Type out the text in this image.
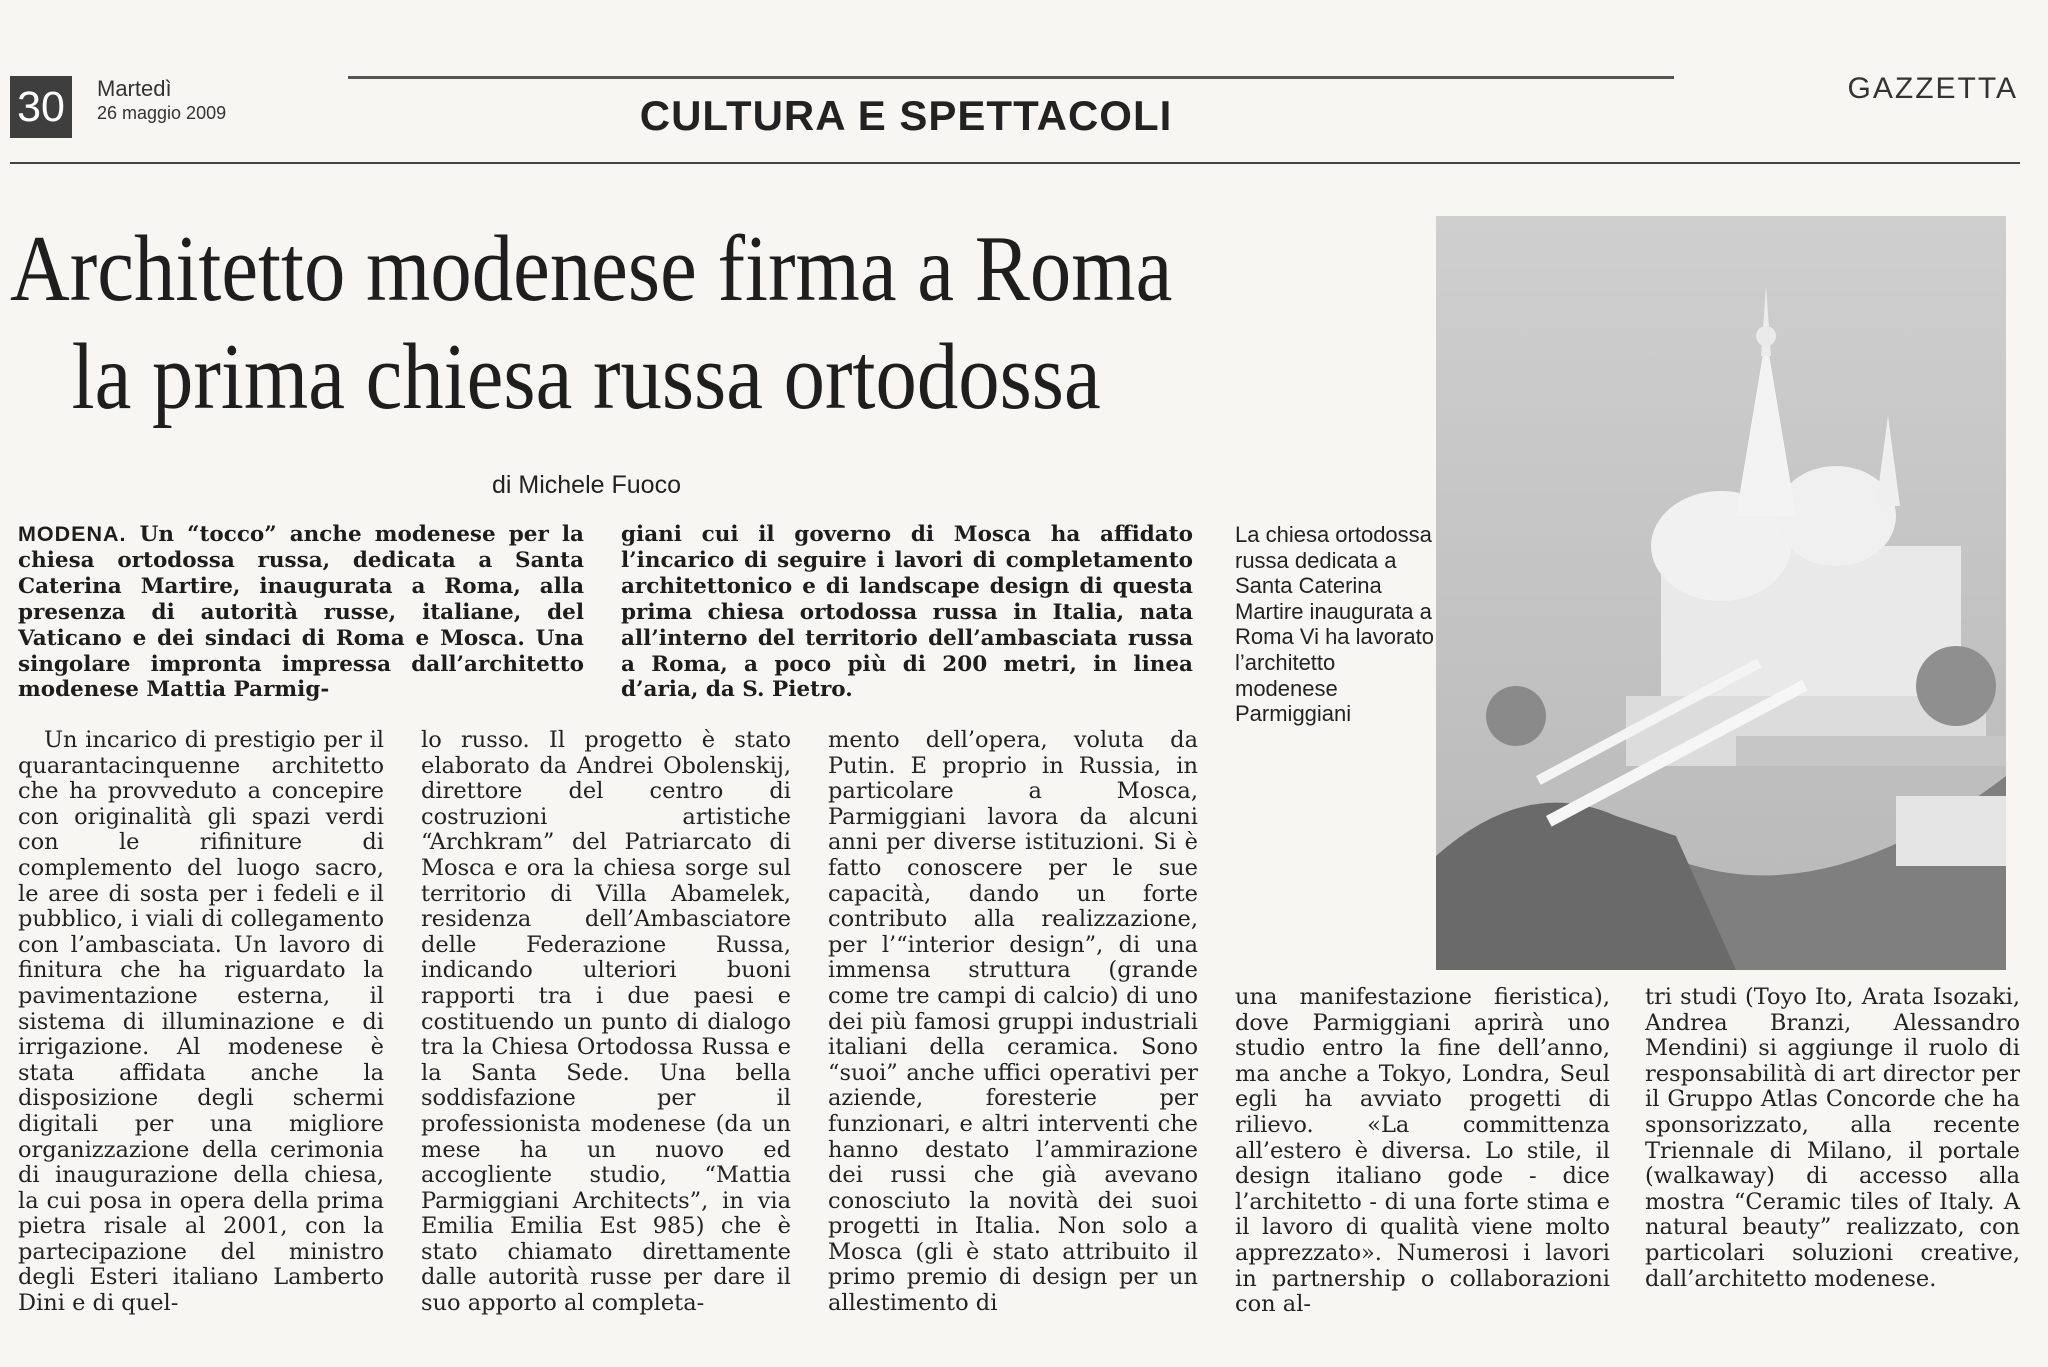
30	Martedì
26 maggio 2009	CULTURA E SPETTACOLI
GAZZETTA
Architetto modenese firma a Roma
la prima chiesa russa ortodossa
di Michele Fuoco
MODENA. Un “tocco” anche modenese per la chiesa ortodossa russa, dedicata a Santa Caterina Martire, inaugurata a Roma, alla presenza di autorità russe, italiane, del Vaticano e dei sindaci di Roma e Mosca. Una singolare impronta impressa dall’architetto modenese Mattia Parmig-
giani cui il governo di Mosca ha affidato l’incarico di seguire i lavori di completamento architettonico e di landscape design di questa prima chiesa ortodossa russa in Italia, nata all’interno del territorio dell’ambasciata russa a Roma, a poco più di 200 metri, in linea d’aria, da S. Pietro.
Un incarico di prestigio per il quarantacinquenne architetto che ha provveduto a concepire con originalità gli spazi verdi con le rifiniture di complemento del luogo sacro, le aree di sosta per i fedeli e il pubblico, i viali di collegamento con l’ambasciata. Un lavoro di finitura che ha riguardato la pavimentazione esterna, il sistema di illuminazione e di irrigazione. Al modenese è stata affidata anche la disposizione degli schermi digitali per una migliore organizzazione della cerimonia di inaugurazione della chiesa, la cui posa in opera della prima pietra risale al 2001, con la partecipazione del ministro degli Esteri italiano Lamberto Dini e di quel-
lo russo. Il progetto è stato elaborato da Andrei Obolenskij, direttore del centro di costruzioni artistiche “Archkram” del Patriarcato di Mosca e ora la chiesa sorge sul territorio di Villa Abamelek, residenza dell’Ambasciatore delle Federazione Russa, indicando ulteriori buoni rapporti tra i due paesi e costituendo un punto di dialogo tra la Chiesa Ortodossa Russa e la Santa Sede. Una bella soddisfazione per il professionista modenese (da un mese ha un nuovo ed accogliente studio, “Mattia Parmiggiani Architects”, in via Emilia Emilia Est 985) che è stato chiamato direttamente dalle autorità russe per dare il suo apporto al completa-
mento dell’opera, voluta da Putin. E proprio in Russia, in particolare a Mosca, Parmiggiani lavora da alcuni anni per diverse istituzioni. Si è fatto conoscere per le sue capacità, dando un forte contributo alla realizzazione, per l’“interior design”, di una immensa struttura (grande come tre campi di calcio) di uno dei più famosi gruppi industriali italiani della ceramica. Sono “suoi” anche uffici operativi per aziende, foresterie per funzionari, e altri interventi che hanno destato l’ammirazione dei russi che già avevano conosciuto la novità dei suoi progetti in Italia. Non solo a Mosca (gli è stato attribuito il primo premio di design per un allestimento di
una manifestazione fieristica), dove Parmiggiani aprirà uno studio entro la fine dell’anno, ma anche a Tokyo, Londra, Seul egli ha avviato progetti di rilievo. «La committenza all’estero è diversa. Lo stile, il design italiano gode - dice l’architetto - di una forte stima e il lavoro di qualità viene molto apprezzato». Numerosi i lavori in partnership o collaborazioni con al-
tri studi (Toyo Ito, Arata Isozaki, Andrea Branzi, Alessandro Mendini) si aggiunge il ruolo di responsabilità di art director per il Gruppo Atlas Concorde che ha sponsorizzato, alla recente Triennale di Milano, il portale (walkaway) di accesso alla mostra “Ceramic tiles of Italy. A natural beauty” realizzato, con particolari soluzioni creative, dall’architetto modenese.
La chiesa ortodossa russa dedicata a Santa Caterina Martire inaugurata a Roma Vi ha lavorato l’architetto modenese Parmiggiani
